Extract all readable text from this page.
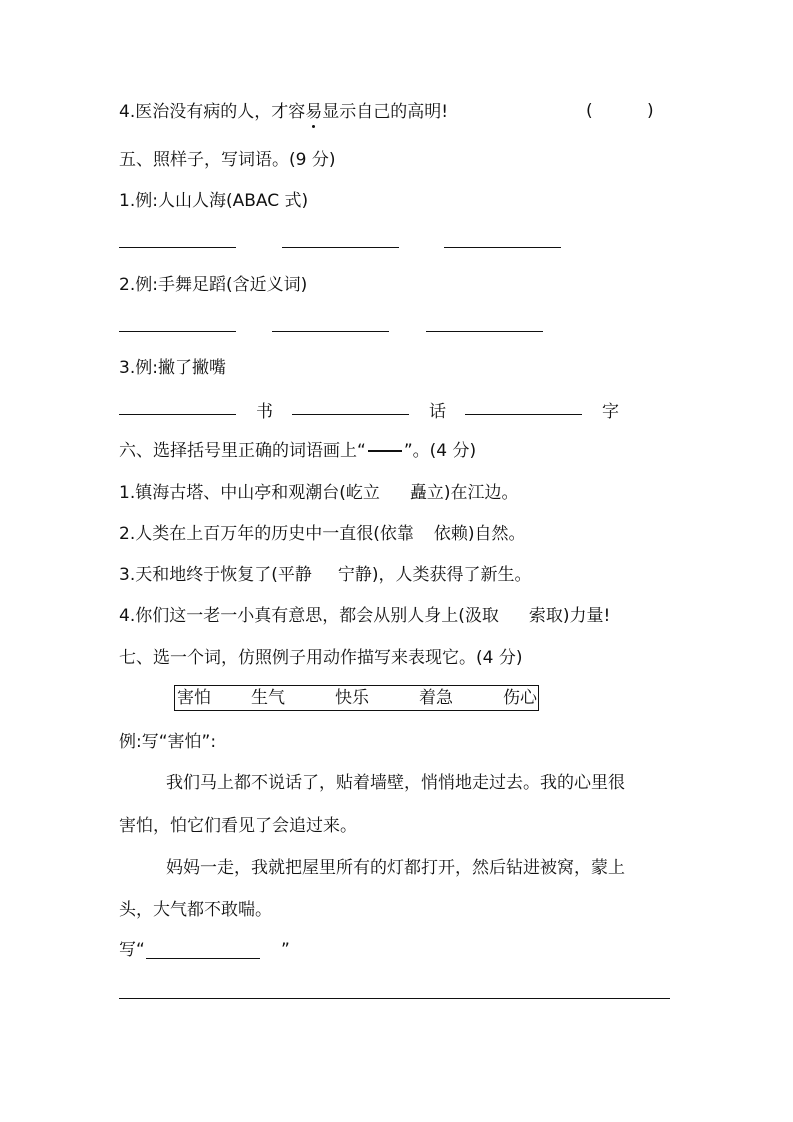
4.医治没有病的人，才容易显示自己的高明!	(	)
五、照样子，写词语。(9 分)
1.例:人山人海(ABAC 式)
2.例:手舞足蹈(含近义词)
3.例:撇了撇嘴
书	话	字
六、选择括号里正确的词语画上“ ”。(4 分)
1.镇海古塔、中山亭和观潮台(屹立 矗立)在江边。
2.人类在上百万年的历史中一直很(依靠 依赖)自然。
3.天和地终于恢复了(平静 宁静)，人类获得了新生。
4.你们这一老一小真有意思，都会从别人身上(汲取 索取)力量!
七、选一个词，仿照例子用动作描写来表现它。(4 分)
害怕 生气	快乐	着急	伤心
例:写“害怕”:
我们马上都不说话了，贴着墙壁，悄悄地走过去。我的心里很
害怕，怕它们看见了会追过来。
妈妈一走，我就把屋里所有的灯都打开，然后钻进被窝，蒙上
头，大气都不敢喘。
写“	”
